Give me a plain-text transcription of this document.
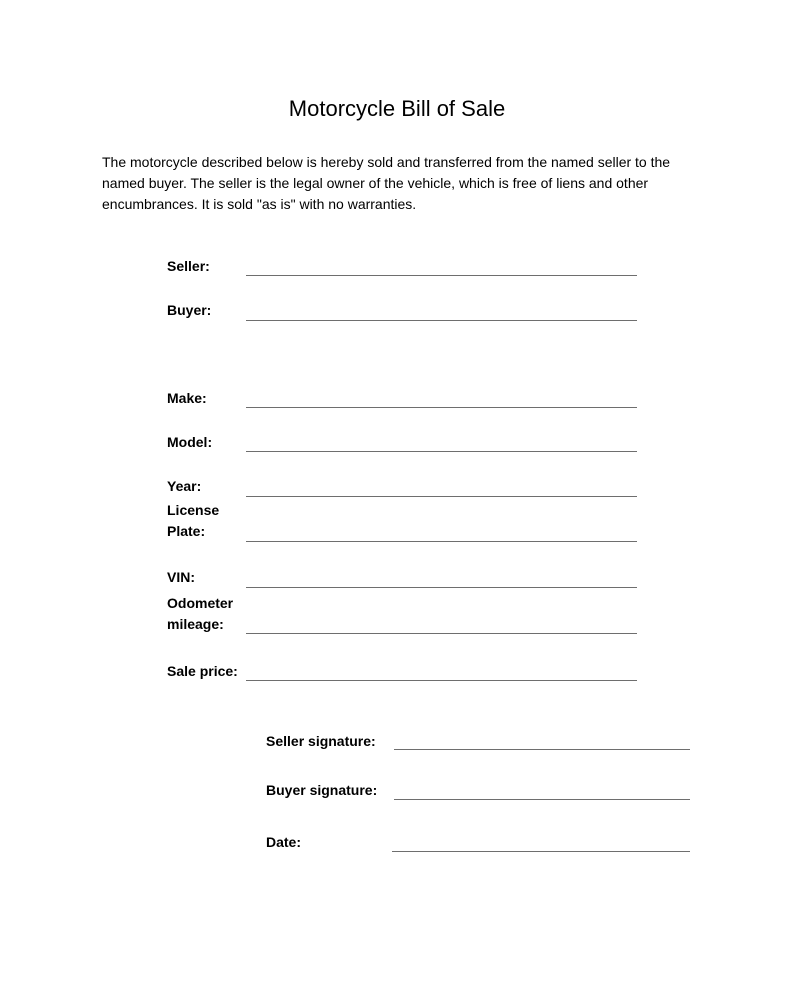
Motorcycle Bill of Sale

The motorcycle described below is hereby sold and transferred from the named seller to the named buyer. The seller is the legal owner of the vehicle, which is free of liens and other encumbrances. It is sold "as is" with no warranties.

Seller:
Buyer:
Make:
Model:
Year:
License
Plate:
VIN:
Odometer
mileage:
Sale price:
Seller signature:
Buyer signature:
Date:
